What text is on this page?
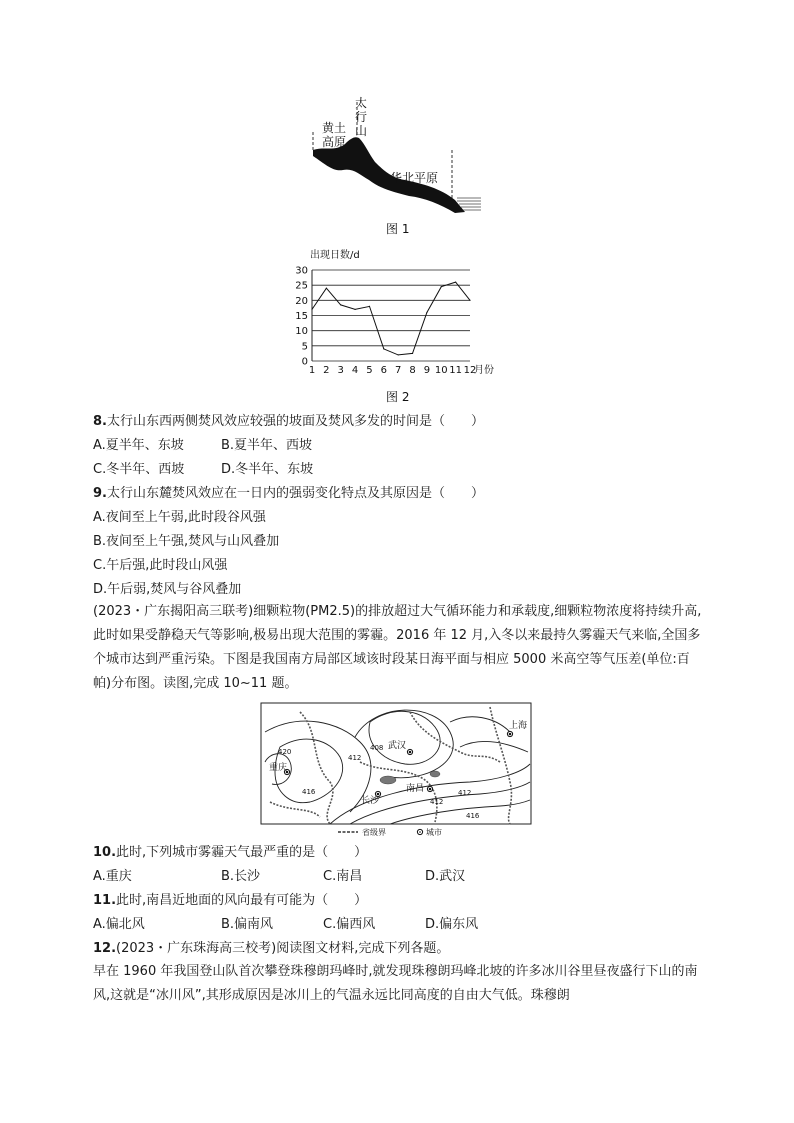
黄土
高原
太
行
山
华北平原
图 1
出现日数/d
0
5
10
15
20
25
30
1 2 3 4 5 6 7 8 9 10 11 12
月份
图 2
8.太行山东西两侧焚风效应较强的坡面及焚风多发的时间是（　　）
A.夏半年、东坡	B.夏半年、西坡
C.冬半年、西坡	D.冬半年、东坡
9.太行山东麓焚风效应在一日内的强弱变化特点及其原因是（　　）
A.夜间至上午弱,此时段谷风强
B.夜间至上午强,焚风与山风叠加
C.午后强,此时段山风强
D.午后弱,焚风与谷风叠加
(2023・广东揭阳高三联考)细颗粒物(PM2.5)的排放超过大气循环能力和承载度,细颗粒物浓度将持续升高,此时如果受静稳天气等影响,极易出现大范围的雾霾。2016 年 12 月,入冬以来最持久雾霾天气来临,全国多个城市达到严重污染。下图是我国南方局部区域该时段某日海平面与相应 5000 米高空等气压差(单位:百帕)分布图。读图,完成 10~11 题。
上海
武汉
重庆
长沙
南昌
420
412
416
408
412
412
416
省级界	城市
10.此时,下列城市雾霾天气最严重的是（　　）
A.重庆	B.长沙	C.南昌	D.武汉
11.此时,南昌近地面的风向最有可能为（　　）
A.偏北风	B.偏南风	C.偏西风	D.偏东风
12.(2023・广东珠海高三校考)阅读图文材料,完成下列各题。
早在 1960 年我国登山队首次攀登珠穆朗玛峰时,就发现珠穆朗玛峰北坡的许多冰川谷里昼夜盛行下山的南风,这就是“冰川风”,其形成原因是冰川上的气温永远比同高度的自由大气低。珠穆朗
